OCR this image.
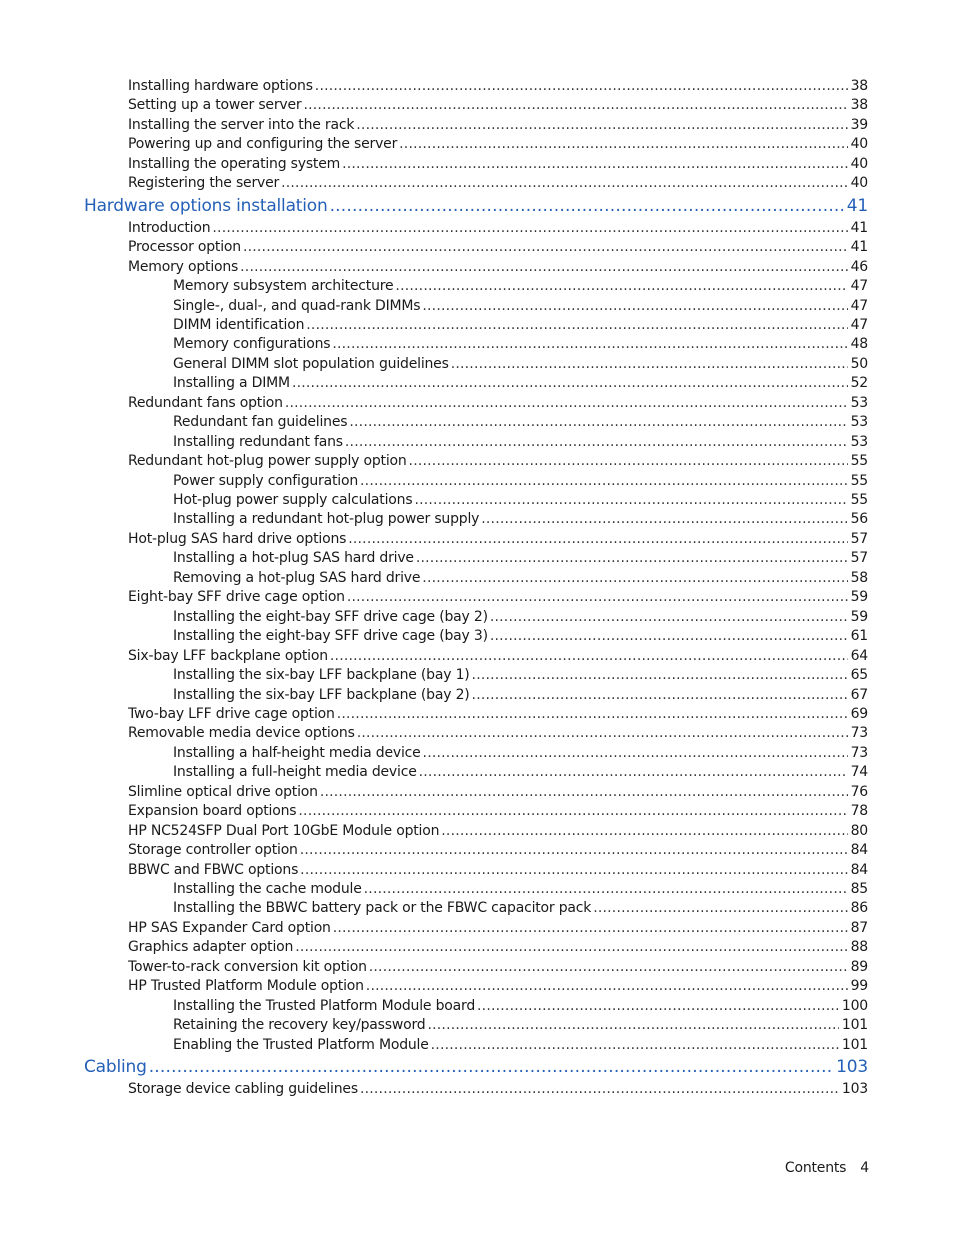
Installing hardware options .....	38
Setting up a tower server .....	38
Installing the server into the rack .....	39
Powering up and configuring the server .....	40
Installing the operating system .....	40
Registering the server .....	40
Hardware options installation .....	41
Introduction .....	41
Processor option .....	41
Memory options .....	46
Memory subsystem architecture .....	47
Single-, dual-, and quad-rank DIMMs .....	47
DIMM identification .....	47
Memory configurations .....	48
General DIMM slot population guidelines .....	50
Installing a DIMM .....	52
Redundant fans option .....	53
Redundant fan guidelines .....	53
Installing redundant fans .....	53
Redundant hot-plug power supply option .....	55
Power supply configuration .....	55
Hot-plug power supply calculations .....	55
Installing a redundant hot-plug power supply .....	56
Hot-plug SAS hard drive options .....	57
Installing a hot-plug SAS hard drive .....	57
Removing a hot-plug SAS hard drive .....	58
Eight-bay SFF drive cage option .....	59
Installing the eight-bay SFF drive cage (bay 2) .....	59
Installing the eight-bay SFF drive cage (bay 3) .....	61
Six-bay LFF backplane option .....	64
Installing the six-bay LFF backplane (bay 1) .....	65
Installing the six-bay LFF backplane (bay 2) .....	67
Two-bay LFF drive cage option .....	69
Removable media device options .....	73
Installing a half-height media device .....	73
Installing a full-height media device .....	74
Slimline optical drive option .....	76
Expansion board options .....	78
HP NC524SFP Dual Port 10GbE Module option .....	80
Storage controller option .....	84
BBWC and FBWC options .....	84
Installing the cache module .....	85
Installing the BBWC battery pack or the FBWC capacitor pack .....	86
HP SAS Expander Card option .....	87
Graphics adapter option .....	88
Tower-to-rack conversion kit option .....	89
HP Trusted Platform Module option .....	99
Installing the Trusted Platform Module board .....	100
Retaining the recovery key/password .....	101
Enabling the Trusted Platform Module .....	101
Cabling .....	103
Storage device cabling guidelines .....	103
Contents 4
